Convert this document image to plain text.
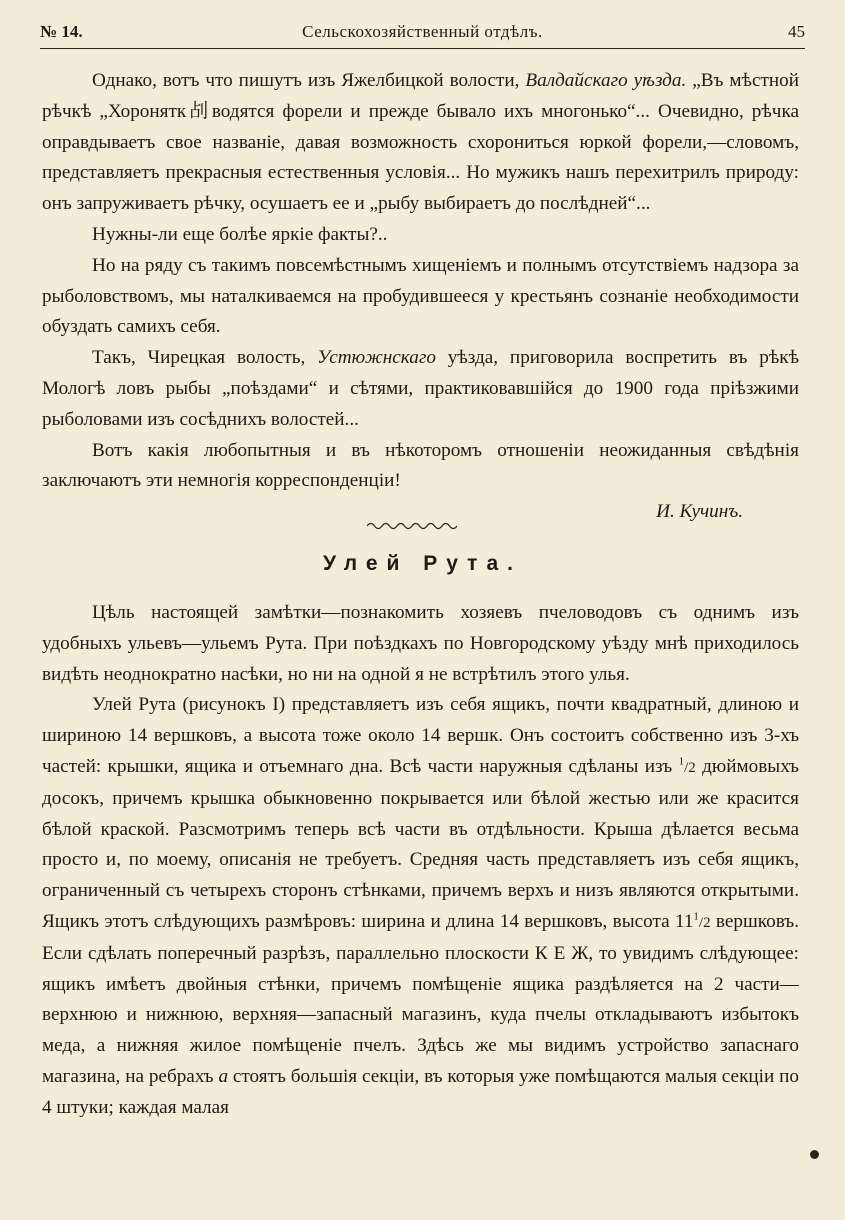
№ 14.	Сельскохозяйственный отдѣлъ.	45

Однако, вотъ что пишутъ изъ Яжелбицкой волости, Валдайскаго уѣзда. „Въ мѣстной рѣчкѣ „Хоронятк㓠водятся форели и прежде бывало ихъ многонько“... Очевидно, рѣчка оправдываетъ свое названіе, давая возможность схорониться юркой форели,—словомъ, представляетъ прекрасныя естественныя условія... Но мужикъ нашъ перехитрилъ природу: онъ запруживаетъ рѣчку, осушаетъ ее и „рыбу выбираетъ до послѣдней“...

Нужны-ли еще болѣе яркіе факты?..

Но на ряду съ такимъ повсемѣстнымъ хищеніемъ и полнымъ отсутствіемъ надзора за рыболовствомъ, мы наталкиваемся на пробудившееся у крестьянъ сознаніе необходимости обуздать самихъ себя.

Такъ, Чирецкая волость, Устюжнскаго уѣзда, приговорила воспретить въ рѣкѣ Мологѣ ловъ рыбы „поѣздами“ и сѣтями, практиковавшійся до 1900 года пріѣзжими рыболовами изъ сосѣднихъ волостей...

Вотъ какія любопытныя и въ нѣкоторомъ отношеніи неожиданныя свѣдѣнія заключаютъ эти немногія корреспонденціи!

И. Кучинъ.
Улей Рута.

Цѣль настоящей замѣтки—познакомить хозяевъ пчеловодовъ съ однимъ изъ удобныхъ ульевъ—ульемъ Рута. При поѣздкахъ по Новгородскому уѣзду мнѣ приходилось видѣть неоднократно насѣки, но ни на одной я не встрѣтилъ этого улья.

Улей Рута (рисунокъ I) представляетъ изъ себя ящикъ, почти квадратный, длиною и шириною 14 вершковъ, а высота тоже около 14 вершк. Онъ состоитъ собственно изъ 3-хъ частей: крышки, ящика и отъемнаго дна. Всѣ части наружныя сдѣланы изъ $^1$/2 дюймовыхъ досокъ, причемъ крышка обыкновенно покрывается или бѣлой жестью или же красится бѣлой краской. Разсмотримъ теперь всѣ части въ отдѣльности. Крыша дѣлается весьма просто и, по моему, описанія не требуетъ. Средняя часть представляетъ изъ себя ящикъ, ограниченный съ четырехъ сторонъ стѣнками, причемъ верхъ и низъ являются открытыми. Ящикъ этотъ слѣдующихъ размѣровъ: ширина и длина 14 вершковъ, высота $11^1/2$ вершковъ. Если сдѣлать поперечный разрѣзъ, параллельно плоскости К Е Ж, то увидимъ слѣдующее: ящикъ имѣетъ двойныя стѣнки, причемъ помѣщеніе ящика раздѣляется на 2 части—верхнюю и нижнюю, верхняя—запасный магазинъ, куда пчелы откладываютъ избытокъ меда, а нижняя жилое помѣщеніе пчелъ. Здѣсь же мы видимъ устройство запаснаго магазина, на ребрахъ а стоятъ большія секціи, въ которыя уже помѣщаются малыя секціи по 4 штуки; каждая малая
